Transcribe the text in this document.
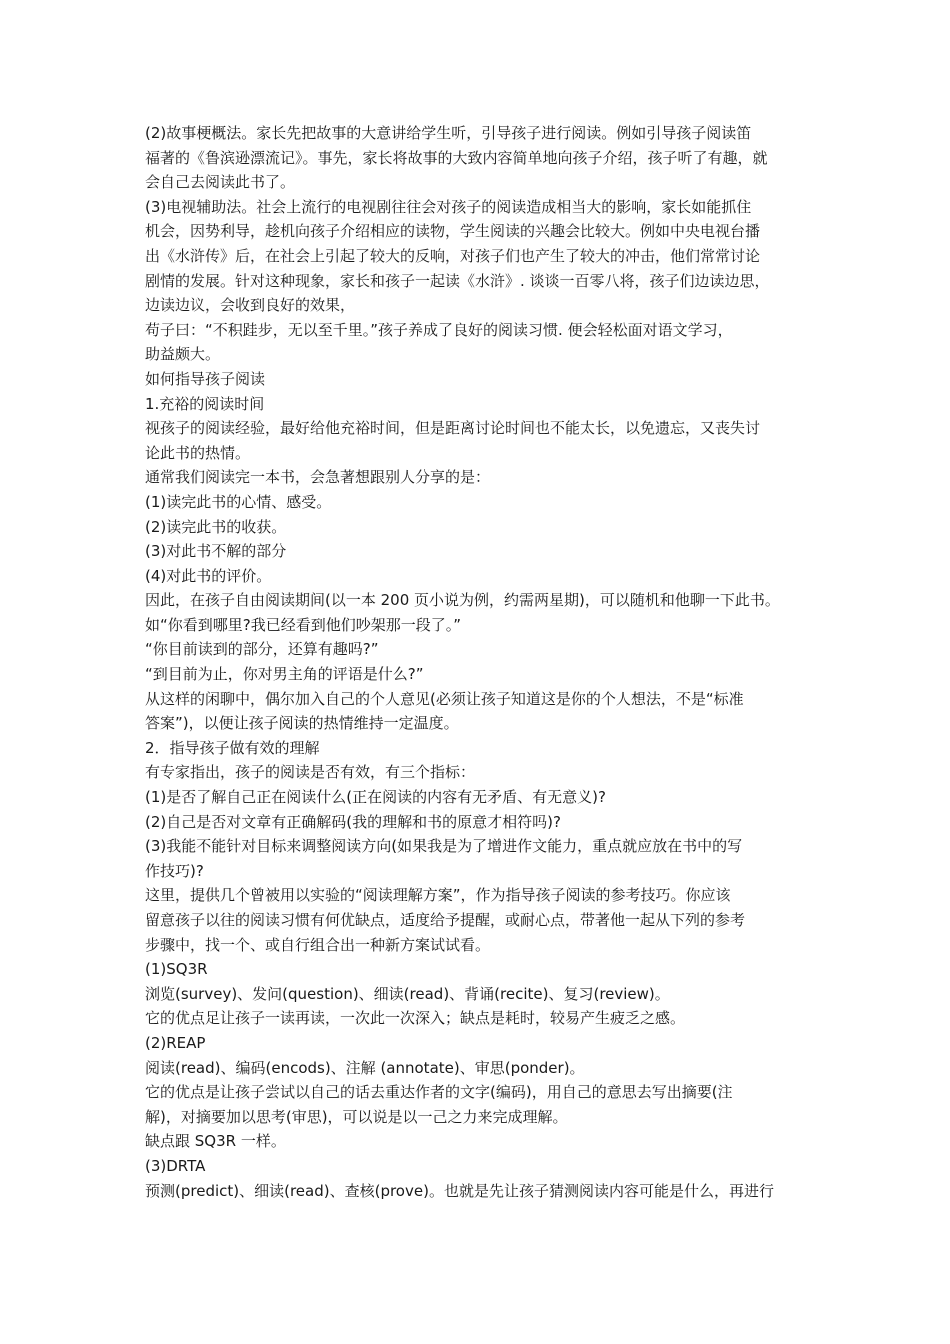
(2)故事梗概法。家长先把故事的大意讲给学生听，引导孩子进行阅读。例如引导孩子阅读笛
福著的《鲁滨逊漂流记》。事先，家长将故事的大致内容简单地向孩子介绍，孩子听了有趣，就
会自己去阅读此书了。
(3)电视辅助法。社会上流行的电视剧往往会对孩子的阅读造成相当大的影响，家长如能抓住
机会，因势利导，趁机向孩子介绍相应的读物，学生阅读的兴趣会比较大。例如中央电视台播
出《水浒传》后，在社会上引起了较大的反响，对孩子们也产生了较大的冲击，他们常常讨论
剧情的发展。针对这种现象，家长和孩子一起读《水浒》. 谈谈一百零八将，孩子们边读边思，
边读边议，会收到良好的效果，
苟子曰：“不积跬步，无以至千里。”孩子养成了良好的阅读习惯. 便会轻松面对语文学习，
助益颇大。
如何指导孩子阅读
1.充裕的阅读时间
视孩子的阅读经验，最好给他充裕时间，但是距离讨论时间也不能太长，以免遗忘，又丧失讨
论此书的热情。
通常我们阅读完一本书，会急著想跟别人分享的是：
(1)读完此书的心情、感受。
(2)读完此书的收获。
(3)对此书不解的部分
(4)对此书的评价。
因此，在孩子自由阅读期间(以一本 200 页小说为例，约需两星期)，可以随机和他聊一下此书。
如“你看到哪里?我已经看到他们吵架那一段了。”
“你目前读到的部分，还算有趣吗?”
“到目前为止，你对男主角的评语是什么?”
从这样的闲聊中，偶尔加入自己的个人意见(必须让孩子知道这是你的个人想法，不是“标准
答案”)，以便让孩子阅读的热情维持一定温度。
2．指导孩子做有效的理解
有专家指出，孩子的阅读是否有效，有三个指标：
(1)是否了解自己正在阅读什么(正在阅读的内容有无矛盾、有无意义)?
(2)自己是否对文章有正确解码(我的理解和书的原意才相符吗)?
(3)我能不能针对目标来调整阅读方向(如果我是为了增进作文能力，重点就应放在书中的写
作技巧)?
这里，提供几个曾被用以实验的“阅读理解方案”，作为指导孩子阅读的参考技巧。你应该
留意孩子以往的阅读习惯有何优缺点，适度给予提醒，或耐心点，带著他一起从下列的参考
步骤中，找一个、或自行组合出一种新方案试试看。
(1)SQ3R
浏览(survey)、发问(question)、细读(read)、背诵(recite)、复习(review)。
它的优点足让孩子一读再读，一次此一次深入；缺点是耗时，较易产生疲乏之感。
(2)REAP
阅读(read)、编码(encods)、注解 (annotate)、审思(ponder)。
它的优点是让孩子尝试以自己的话去重达作者的文字(编码)，用自己的意思去写出摘要(注
解)，对摘要加以思考(审思)，可以说是以一己之力来完成理解。
缺点跟 SQ3R 一样。
(3)DRTA
预测(predict)、细读(read)、查核(prove)。也就是先让孩子猜测阅读内容可能是什么，再进行
